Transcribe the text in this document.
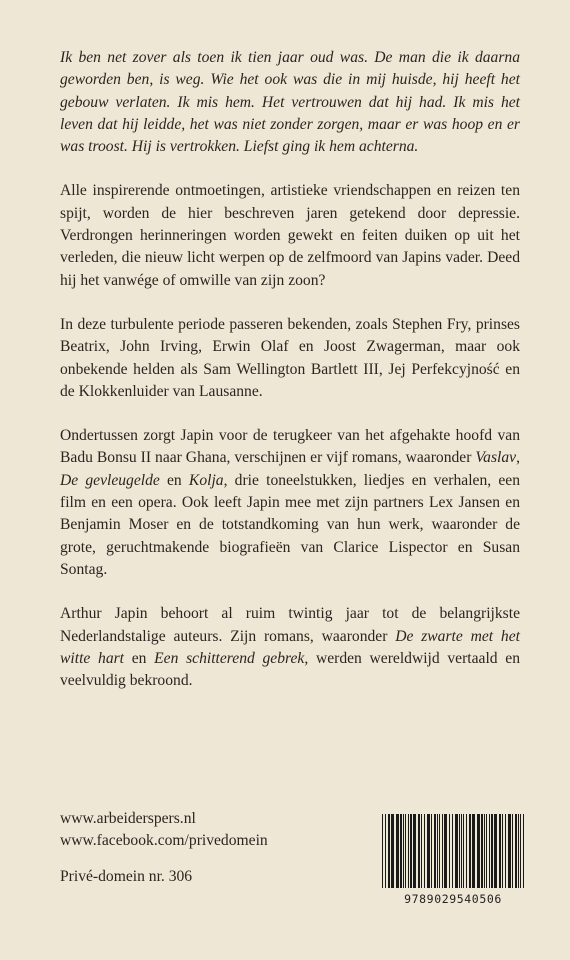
Ik ben net zover als toen ik tien jaar oud was. De man die ik daarna geworden ben, is weg. Wie het ook was die in mij huisde, hij heeft het gebouw verlaten. Ik mis hem. Het vertrouwen dat hij had. Ik mis het leven dat hij leidde, het was niet zonder zorgen, maar er was hoop en er was troost. Hij is vertrokken. Liefst ging ik hem achterna.

Alle inspirerende ontmoetingen, artistieke vriendschappen en reizen ten spijt, worden de hier beschreven jaren getekend door depressie. Verdrongen herinneringen worden gewekt en feiten duiken op uit het verleden, die nieuw licht werpen op de zelfmoord van Japins vader. Deed hij het vanwége of omwille van zijn zoon?

In deze turbulente periode passeren bekenden, zoals Stephen Fry, prinses Beatrix, John Irving, Erwin Olaf en Joost Zwagerman, maar ook onbekende helden als Sam Wellington Bartlett III, Jej Perfekcyjność en de Klokkenluider van Lausanne.

Ondertussen zorgt Japin voor de terugkeer van het afgehakte hoofd van Badu Bonsu II naar Ghana, verschijnen er vijf romans, waaronder Vaslav, De gevleugelde en Kolja, drie toneelstukken, liedjes en verhalen, een film en een opera. Ook leeft Japin mee met zijn partners Lex Jansen en Benjamin Moser en de totstandkoming van hun werk, waaronder de grote, geruchtmakende biografieën van Clarice Lispector en Susan Sontag.

Arthur Japin behoort al ruim twintig jaar tot de belangrijkste Nederlandstalige auteurs. Zijn romans, waaronder De zwarte met het witte hart en Een schitterend gebrek, werden wereldwijd vertaald en veelvuldig bekroond.

www.arbeiderspers.nl
www.facebook.com/privedomein
Privé-domein nr. 306
9789029540506
